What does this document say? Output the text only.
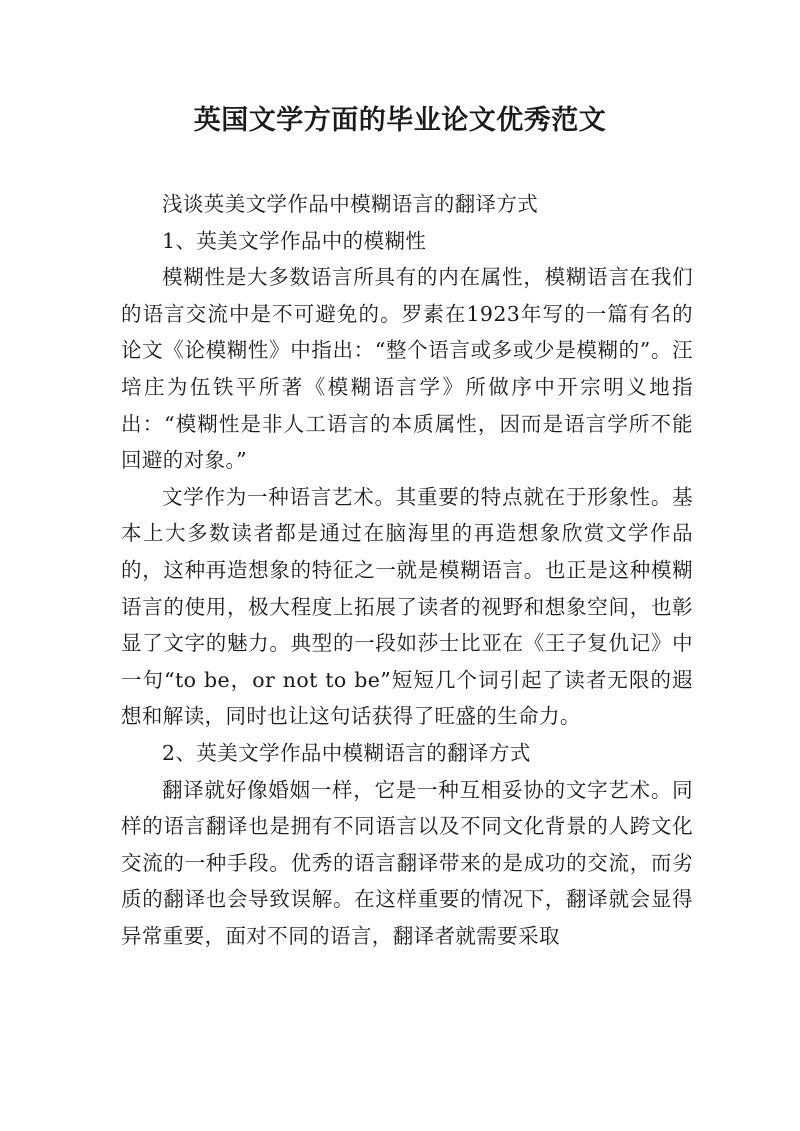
英国文学方面的毕业论文优秀范文

浅谈英美文学作品中模糊语言的翻译方式

1、英美文学作品中的模糊性

模糊性是大多数语言所具有的内在属性，模糊语言在我们的语言交流中是不可避免的。罗素在1923年写的一篇有名的论文《论模糊性》中指出：“整个语言或多或少是模糊的”。汪培庄为伍铁平所著《模糊语言学》所做序中开宗明义地指出：“模糊性是非人工语言的本质属性，因而是语言学所不能回避的对象。”

文学作为一种语言艺术。其重要的特点就在于形象性。基本上大多数读者都是通过在脑海里的再造想象欣赏文学作品的，这种再造想象的特征之一就是模糊语言。也正是这种模糊语言的使用，极大程度上拓展了读者的视野和想象空间，也彰显了文字的魅力。典型的一段如莎士比亚在《王子复仇记》中一句“to be，or not to be”短短几个词引起了读者无限的遐想和解读，同时也让这句话获得了旺盛的生命力。

2、英美文学作品中模糊语言的翻译方式

翻译就好像婚姻一样，它是一种互相妥协的文字艺术。同样的语言翻译也是拥有不同语言以及不同文化背景的人跨文化交流的一种手段。优秀的语言翻译带来的是成功的交流，而劣质的翻译也会导致误解。在这样重要的情况下，翻译就会显得异常重要，面对不同的语言，翻译者就需要采取
